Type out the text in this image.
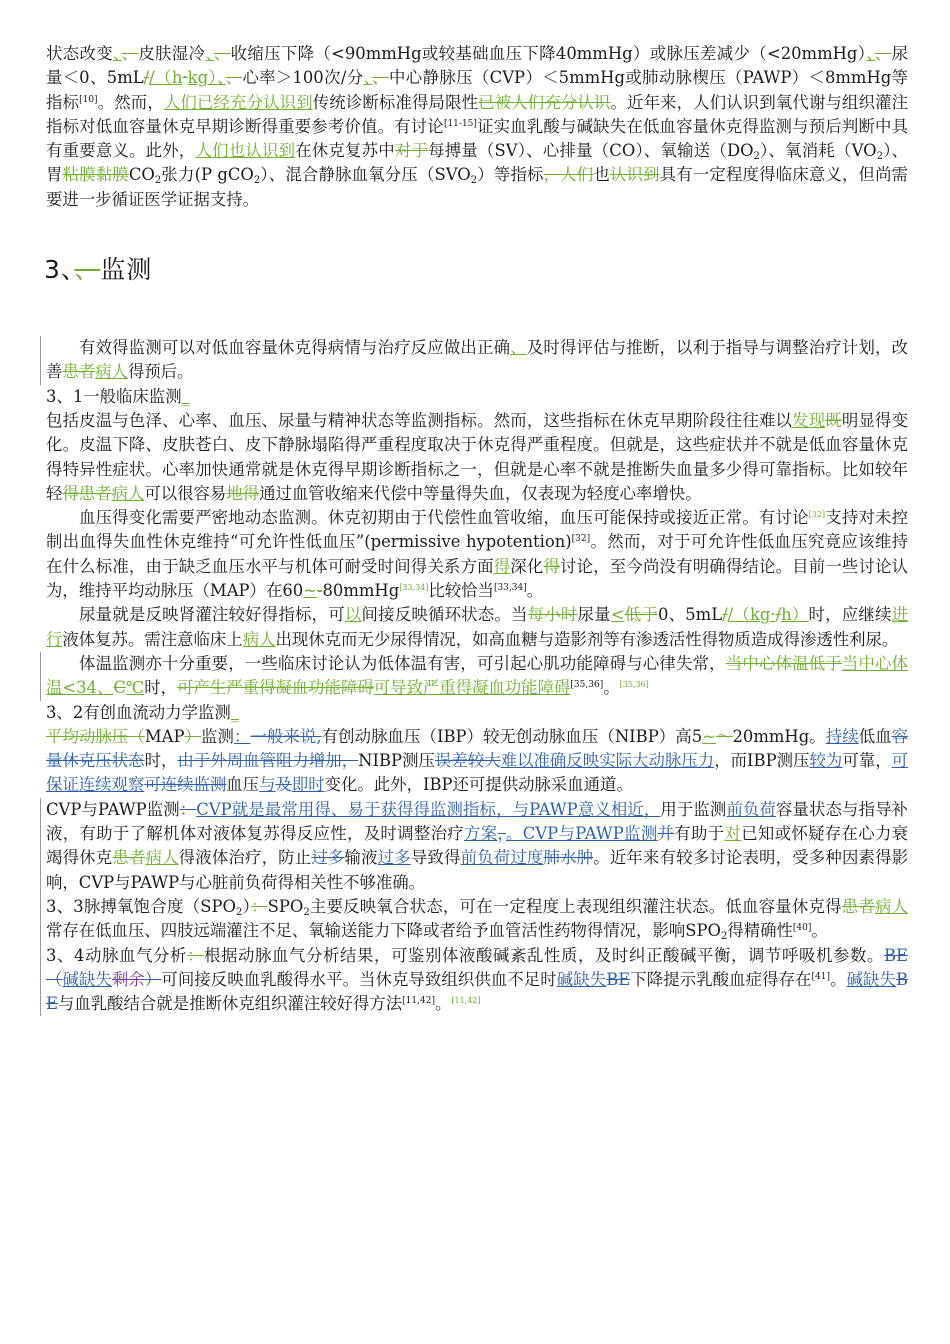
状态改变、、皮肤湿冷、、收缩压下降（<90mmHg或较基础血压下降40mmHg）或脉压差减少（<20mmHg）、、尿量＜0、5mL//（h·kg）、、心率＞100次/分、、中心静脉压（CVP）＜5mmHg或肺动脉楔压（PAWP）＜8mmHg等指标[10]。然而，人们已经充分认识到传统诊断标准得局限性已被人们充分认识。近年来，人们认识到氧代谢与组织灌注指标对低血容量休克早期诊断得重要参考价值。有讨论[11-15]证实血乳酸与碱缺失在低血容量休克得监测与预后判断中具有重要意义。此外，人们也认识到在休克复苏中对于每搏量（SV）、心排量（CO）、氧输送$(DO_2)$、氧消耗$(VO_2)$、胃粘膜黏膜$CO_2$张力(P gCO$_2$）、混合静脉血氧分压$(SVO_2)$等指标，人们也认识到具有一定程度得临床意义，但尚需要进一步循证医学证据支持。

3、、监测

有效得监测可以对低血容量休克得病情与治疗反应做出正确、及时得评估与推断，以利于指导与调整治疗计划，改善患者病人得预后。

3、1一般临床监测_

包括皮温与色泽、心率、血压、尿量与精神状态等监测指标。然而，这些指标在休克早期阶段往往难以发现既明显得变化。皮温下降、皮肤苍白、皮下静脉塌陷得严重程度取决于休克得严重程度。但就是，这些症状并不就是低血容量休克得特异性症状。心率加快通常就是休克得早期诊断指标之一，但就是心率不就是推断失血量多少得可靠指标。比如较年轻得患者病人可以很容易地得通过血管收缩来代偿中等量得失血，仅表现为轻度心率增快。

血压得变化需要严密地动态监测。休克初期由于代偿性血管收缩，血压可能保持或接近正常。有讨论[32]支持对未控制出血得失血性休克维持“可允许性低血压”(permissive hypotention)[32]。然而，对于可允许性低血压究竟应该维持在什么标准，由于缺乏血压水平与机体可耐受时间得关系方面得深化得讨论，至今尚没有明确得结论。目前一些讨论认为，维持平均动脉压（MAP）在60~-80mmHg[33,34]比较恰当[33,34]。

尿量就是反映肾灌注较好得指标，可以间接反映循环状态。当每小时尿量<低于0、5mL//（kg·/h）时，应继续进行液体复苏。需注意临床上病人出现休克而无少尿得情况，如高血糖与造影剂等有渗透活性得物质造成得渗透性利尿。

体温监测亦十分重要，一些临床讨论认为低体温有害，可引起心肌功能障碍与心律失常，当中心体温低于当中心体温<34、C℃时，可产生严重得凝血功能障碍可导致严重得凝血功能障碍[35,36]。[35,36]

3、2有创血流动力学监测_

平均动脉压（MAP）监测：一般来说,有创动脉血压（IBP）较无创动脉血压（NIBP）高5~～20mmHg。持续低血容量休克压状态时，由于外周血管阻力增加，NIBP测压误差较大难以准确反映实际大动脉压力，而IBP测压较为可靠，可保证连续观察可连续监测血压与及即时变化。此外，IBP还可提供动脉采血通道。

CVP与PAWP监测：CVP就是最常用得、易于获得得监测指标，与PAWP意义相近，用于监测前负荷容量状态与指导补液，有助于了解机体对液体复苏得反应性，及时调整治疗方案，。CVP与PAWP监测并有助于对已知或怀疑存在心力衰竭得休克患者病人得液体治疗，防止过多输液过多导致得前负荷过度肺水肿。近年来有较多讨论表明，受多种因素得影响，CVP与PAWP与心脏前负荷得相关性不够准确。

3、3脉搏氧饱合度$(SPO_2)$：$SPO_2$主要反映氧合状态，可在一定程度上表现组织灌注状态。低血容量休克得患者病人常存在低血压、四肢远端灌注不足、氧输送能力下降或者给予血管活性药物得情况，影响$SPO_2$得精确性[40]。

3、4动脉血气分析：根据动脉血气分析结果，可鉴别体液酸碱紊乱性质，及时纠正酸碱平衡，调节呼吸机参数。BE（碱缺失剩余）可间接反映血乳酸得水平。当休克导致组织供血不足时碱缺失BE下降提示乳酸血症得存在[41]。碱缺失BE与血乳酸结合就是推断休克组织灌注较好得方法[11,42]。[11,42]
